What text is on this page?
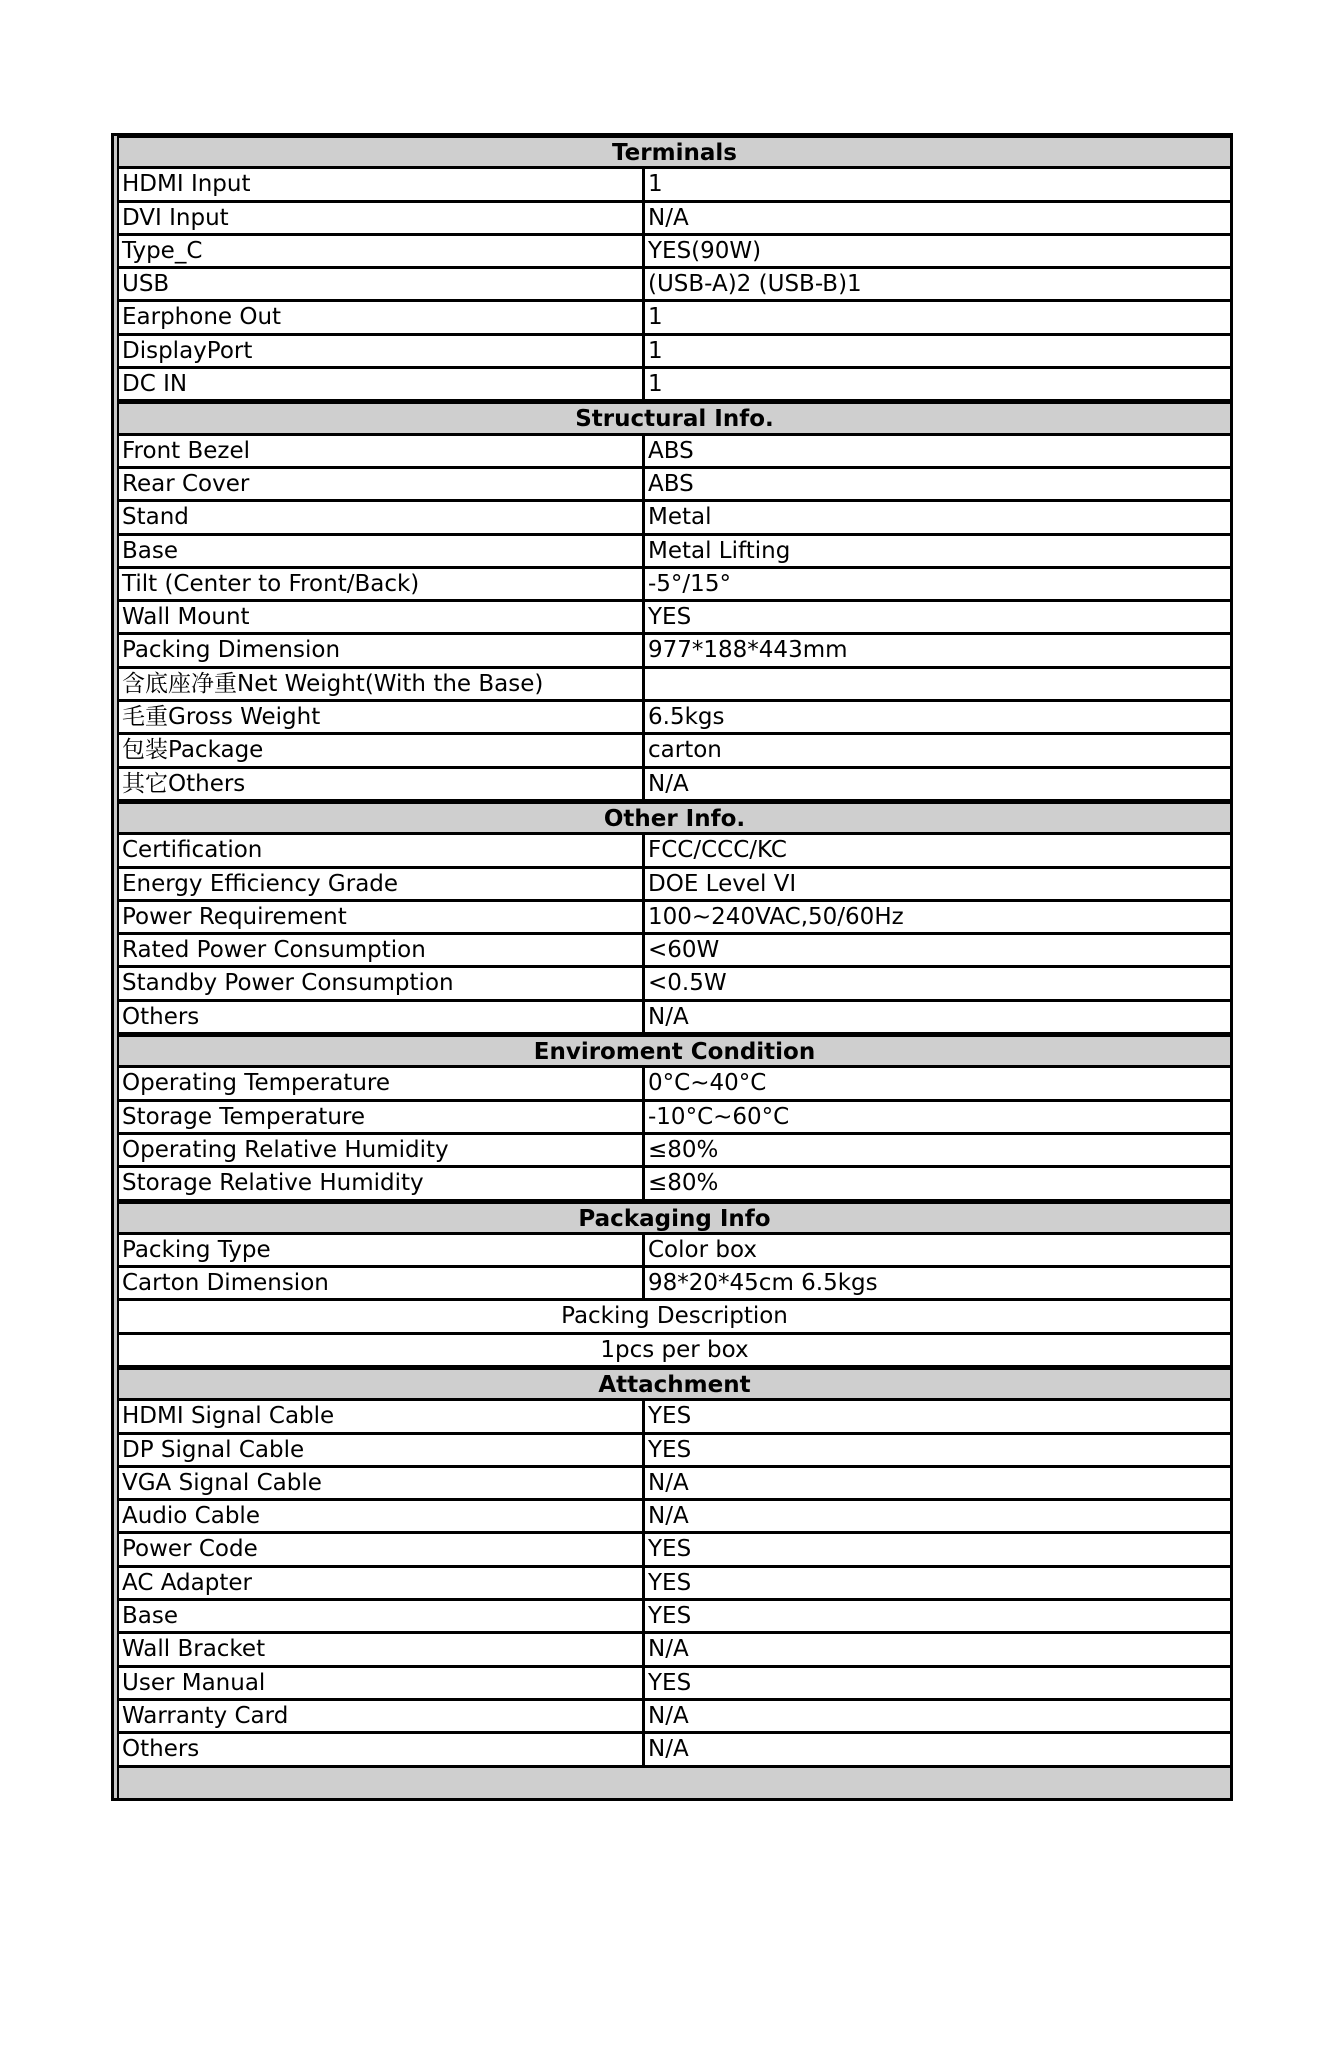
Terminals
HDMI Input	1
DVI Input	N/A
Type_C	YES(90W)
USB	(USB-A)2 (USB-B)1
Earphone Out	1
DisplayPort	1
DC IN	1
Structural Info.
Front Bezel	ABS
Rear Cover	ABS
Stand	Metal
Base	Metal Lifting
Tilt (Center to Front/Back)	-5°/15°
Wall Mount	YES
Packing Dimension	977*188*443mm
含底座净重Net Weight(With the Base)
毛重Gross Weight	6.5kgs
包装Package	carton
其它Others	N/A
Other Info.
Certification	FCC/CCC/KC
Energy Efficiency Grade	DOE Level VI
Power Requirement	100~240VAC,50/60Hz
Rated Power Consumption	<60W
Standby Power Consumption	<0.5W
Others	N/A
Enviroment Condition
Operating Temperature	0°C~40°C
Storage Temperature	-10°C~60°C
Operating Relative Humidity	≤80%
Storage Relative Humidity	≤80%
Packaging Info
Packing Type	Color box
Carton Dimension	98*20*45cm 6.5kgs
Packing Description
1pcs per box
Attachment
HDMI Signal Cable	YES
DP Signal Cable	YES
VGA Signal Cable	N/A
Audio Cable	N/A
Power Code	YES
AC Adapter	YES
Base	YES
Wall Bracket	N/A
User Manual	YES
Warranty Card	N/A
Others	N/A
